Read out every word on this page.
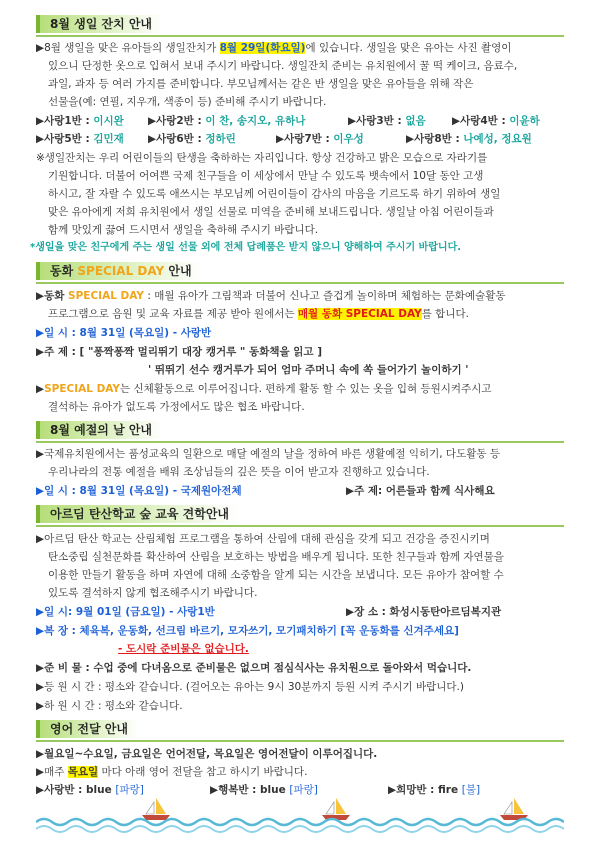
8월 생일 잔치 안내
▶8월 생일을 맞은 유아들의 생일잔치가 8월 29일(화요일)에 있습니다. 생일을 맞은 유아는 사진 촬영이
있으니 단정한 옷으로 입혀서 보내 주시기 바랍니다. 생일잔치 준비는 유치원에서 꿀 떡 케이크, 음료수,
과일, 과자 등 여러 가지를 준비합니다. 부모님께서는 같은 반 생일을 맞은 유아들을 위해 작은
선물을(예: 연필, 지우개, 색종이 등) 준비해 주시기 바랍니다.
▶사랑1반 : 이시완 ▶사랑2반 : 이 찬, 송지오, 유하나	▶사랑3반 : 없음	▶사랑4반 : 이윤하
▶사랑5반 : 김민재 ▶사랑6반 : 정하린	▶사랑7반 : 이우성	▶사랑8반 : 나예성, 정요원
※생일잔치는 우리 어린이들의 탄생을 축하하는 자리입니다. 항상 건강하고 밝은 모습으로 자라기를
기원합니다. 더불어 어여쁜 국제 친구들을 이 세상에서 만날 수 있도록 뱃속에서 10달 동안 고생
하시고, 잘 자랄 수 있도록 애쓰시는 부모님께 어린이들이 감사의 마음을 기르도록 하기 위하여 생일
맞은 유아에게 저희 유치원에서 생일 선물로 미역을 준비해 보내드립니다. 생일날 아침 어린이들과
함께 맛있게 끓여 드시면서 생일을 축하해 주시기 바랍니다.
*생일을 맞은 친구에게 주는 생일 선물 외에 전체 답례품은 받지 않으니 양해하여 주시기 바랍니다.
동화 SPECIAL DAY 안내
▶동화 SPECIAL DAY : 매월 유아가 그림책과 더불어 신나고 즐겁게 놀이하며 체험하는 문화예술활동
프로그램으로 음원 및 교육 자료를 제공 받아 원에서는 매월 동화 SPECIAL DAY를 합니다.
▶일 시 : 8월 31일 (목요일) - 사랑반
▶주 제 : [ "퐁짝퐁짝 멀리뛰기 대장 캥거루 " 동화책을 읽고 ]
' 뛰뛰기 선수 캥거루가 되어 엄마 주머니 속에 쏙 들어가기 놀이하기 '
▶SPECIAL DAY는 신체활동으로 이루어집니다. 편하게 활동 할 수 있는 옷을 입혀 등원시켜주시고
결석하는 유아가 없도록 가정에서도 많은 협조 바랍니다.
8월 예절의 날 안내
▶국제유치원에서는 품성교육의 일환으로 매달 예절의 날을 정하여 바른 생활예절 익히기, 다도활동 등
우리나라의 전통 예절을 배워 조상님들의 깊은 뜻을 이어 받고자 진행하고 있습니다.
▶일 시 : 8월 31일 (목요일) - 국제원아전체	▶주 제: 어른들과 함께 식사해요
아르딤 탄산학교 숲 교육 견학안내
▶아르딤 탄산 학교는 산림체험 프로그램을 통하여 산림에 대해 관심을 갖게 되고 건강을 증진시키며
탄소중립 실천문화를 확산하여 산림을 보호하는 방법을 배우게 됩니다. 또한 친구들과 함께 자연물을
이용한 만들기 활동을 하며 자연에 대해 소중함을 알게 되는 시간을 보냅니다. 모든 유아가 참여할 수
있도록 결석하지 않게 협조해주시기 바랍니다.
▶일 시: 9월 01일 (금요일) - 사랑1반	▶장 소 : 화성시동탄아르딤복지관
▶복 장 : 체육복, 운동화, 선크림 바르기, 모자쓰기, 모기패치하기 [꼭 운동화를 신겨주세요]
- 도시락 준비물은 없습니다.
▶준 비 물 : 수업 중에 다녀옴으로 준비물은 없으며 점심식사는 유치원으로 돌아와서 먹습니다.
▶등 원 시 간 : 평소와 같습니다. (걸어오는 유아는 9시 30분까지 등원 시켜 주시기 바랍니다.)
▶하 원 시 간 : 평소와 같습니다.
영어 전달 안내
▶월요일~수요일, 금요일은 언어전달, 목요일은 영어전달이 이루어집니다.
▶매주 목요일 마다 아래 영어 전달을 참고 하시기 바랍니다.
▶사랑반 : blue [파랑]	▶행복반 : blue [파랑]	▶희망반 : fire [불]
